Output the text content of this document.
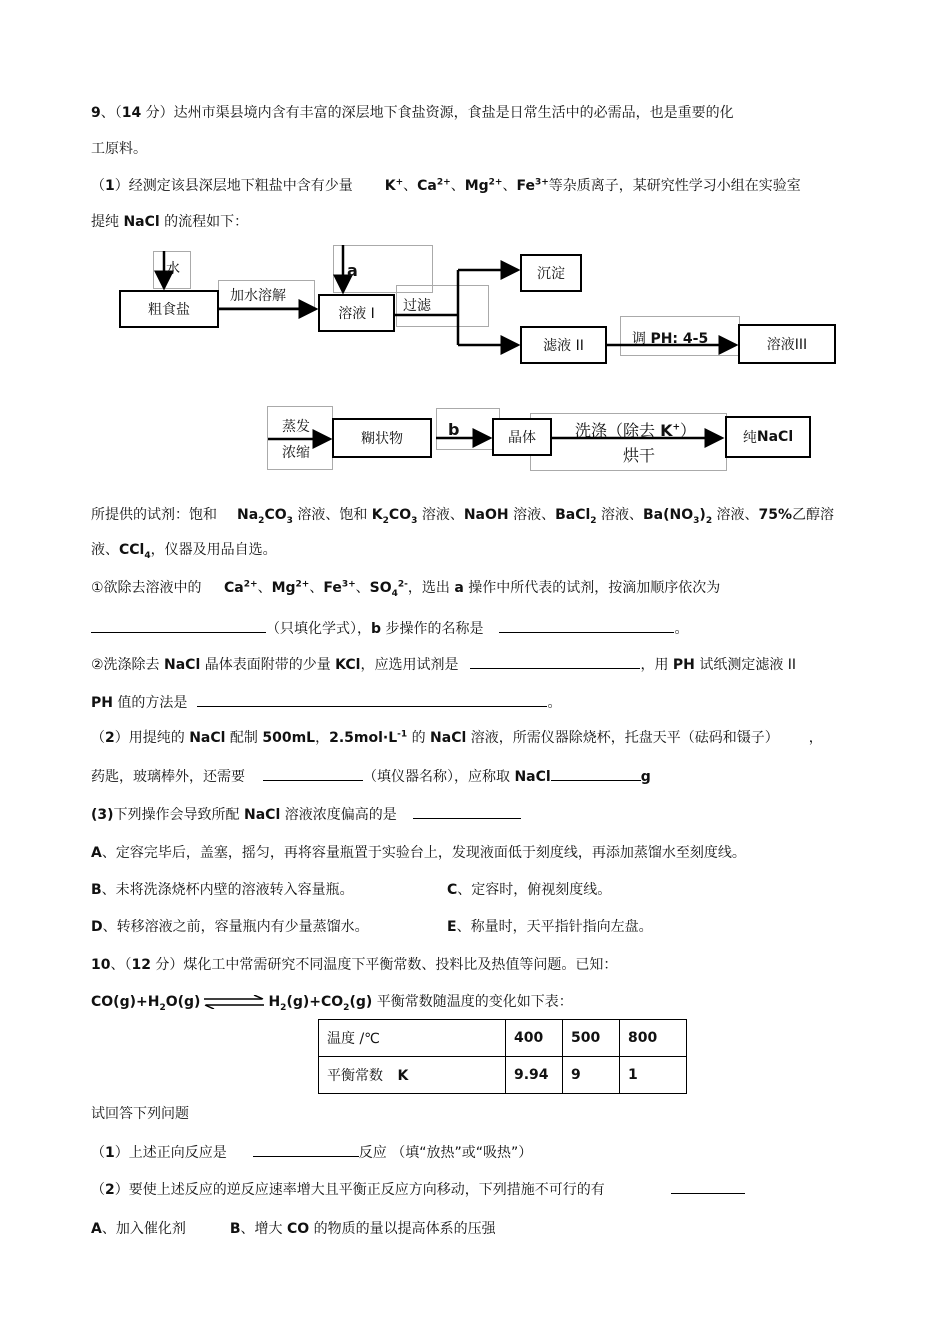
9、（14 分）达州市渠县境内含有丰富的深层地下食盐资源，食盐是日常生活中的必需品，也是重要的化
工原料。
（1）经测定该县深层地下粗盐中含有少量 K+、$Ca^{2+}$、$Mg^{2+}$、$Fe^{3+}$等杂质离子，某研究性学习小组在实验室
提纯 NaCl 的流程如下：
水
粗食盐
加水溶解
溶液 I
a
过滤
沉淀
滤液 II	调 PH: 4-5	溶液III
蒸发
浓缩
糊状物	b	晶体	洗涤（除去 K+）
烘干
纯 NaCl
所提供的试剂：饱和 $Na_2CO_3$ 溶液、饱和 $K_2CO_3$ 溶液、NaOH 溶液、BaCl$_2$ 溶液、$Ba(NO_3)_2$ 溶液、75%乙醇溶
液、CCl$_4$，仪器及用品自选。
①欲除去溶液中的 $Ca^{2+}$、$Mg^{2+}$、$Fe^{3+}$、$SO_4^{2-}$，选出 a 操作中所代表的试剂，按滴加顺序依次为
（只填化学式），b 步操作的名称是	。
②洗涤除去 NaCl 晶体表面附带的少量 KCl，应选用试剂是	，用 PH 试纸测定滤液 II
PH 值的方法是	。
（2）用提纯的 NaCl 配制 500mL，$2.5mol\cdot L^{-1}$ 的 NaCl 溶液，所需仪器除烧杯，托盘天平（砝码和镊子） ，
药匙，玻璃棒外，还需要	（填仪器名称），应称取 NaCl	g
(3)下列操作会导致所配 NaCl 溶液浓度偏高的是
A、定容完毕后，盖塞，摇匀，再将容量瓶置于实验台上，发现液面低于刻度线，再添加蒸馏水至刻度线。
B、未将洗涤烧杯内壁的溶液转入容量瓶。	C、定容时，俯视刻度线。
D、转移溶液之前，容量瓶内有少量蒸馏水。	E、称量时，天平指针指向左盘。
10、（12 分）煤化工中常需研究不同温度下平衡常数、投料比及热值等问题。已知：
$CO(g)+H_2O(g)$	$H_2(g)+CO_2(g)$ 平衡常数随温度的变化如下表：
温度 /℃	400	500	800
平衡常数 K	9.94	9	1
试回答下列问题
（1）上述正向反应是	反应 （填“放热”或“吸热”）
（2）要使上述反应的逆反应速率增大且平衡正反应方向移动，下列措施不可行的有
A、加入催化剂	B、增大 CO 的物质的量以提高体系的压强
